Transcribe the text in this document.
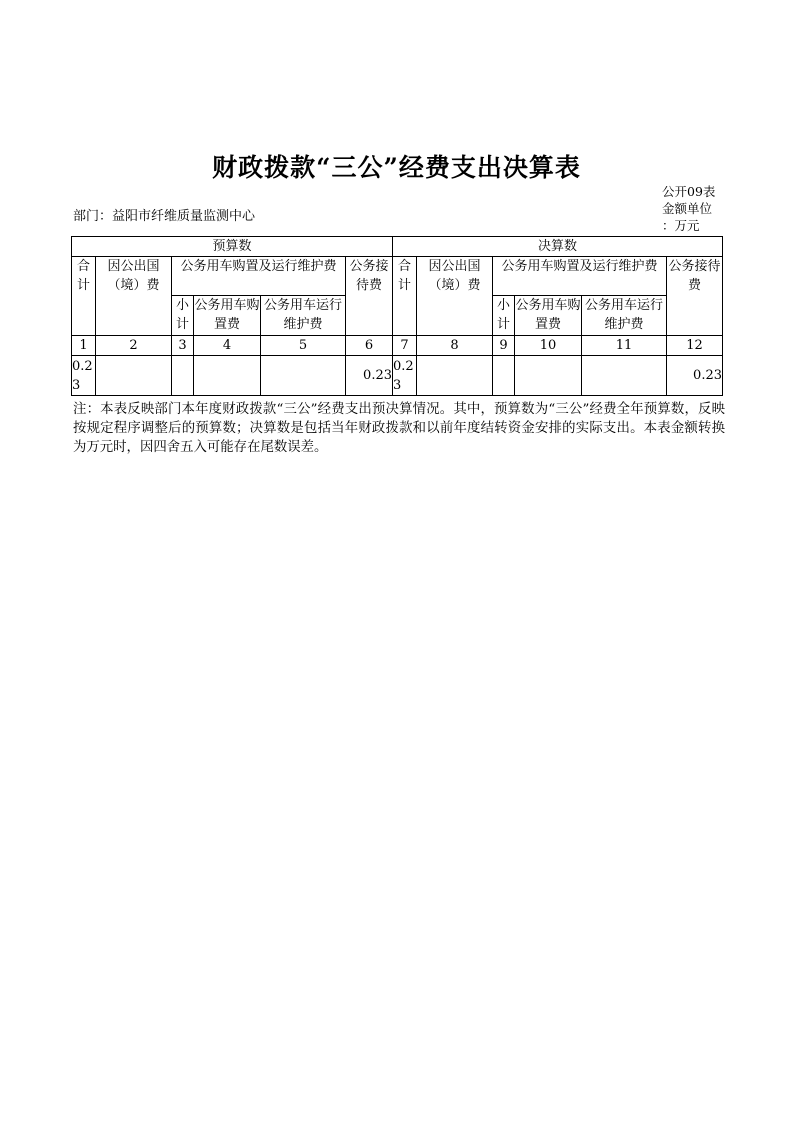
财政拨款“三公”经费支出决算表
公开09表
金额单位
：万元
部门：益阳市纤维质量监测中心
预算数						决算数					
合计	因公出国（境）费	公务用车购置及运行维护费			公务接待费	合计	因公出国（境）费	公务用车购置及运行维护费			公务接待费
		小计	公务用车购置费	公务用车运行维护费				小计	公务用车购置费	公务用车运行维护费	
1	2	3	4	5	6	7	8	9	10	11	12
0.23					0.23	0.23					0.23
注：本表反映部门本年度财政拨款“三公”经费支出预决算情况。其中，预算数为“三公”经费全年预算数，反映按规定程序调整后的预算数；决算数是包括当年财政拨款和以前年度结转资金安排的实际支出。本表金额转换为万元时，因四舍五入可能存在尾数误差。
